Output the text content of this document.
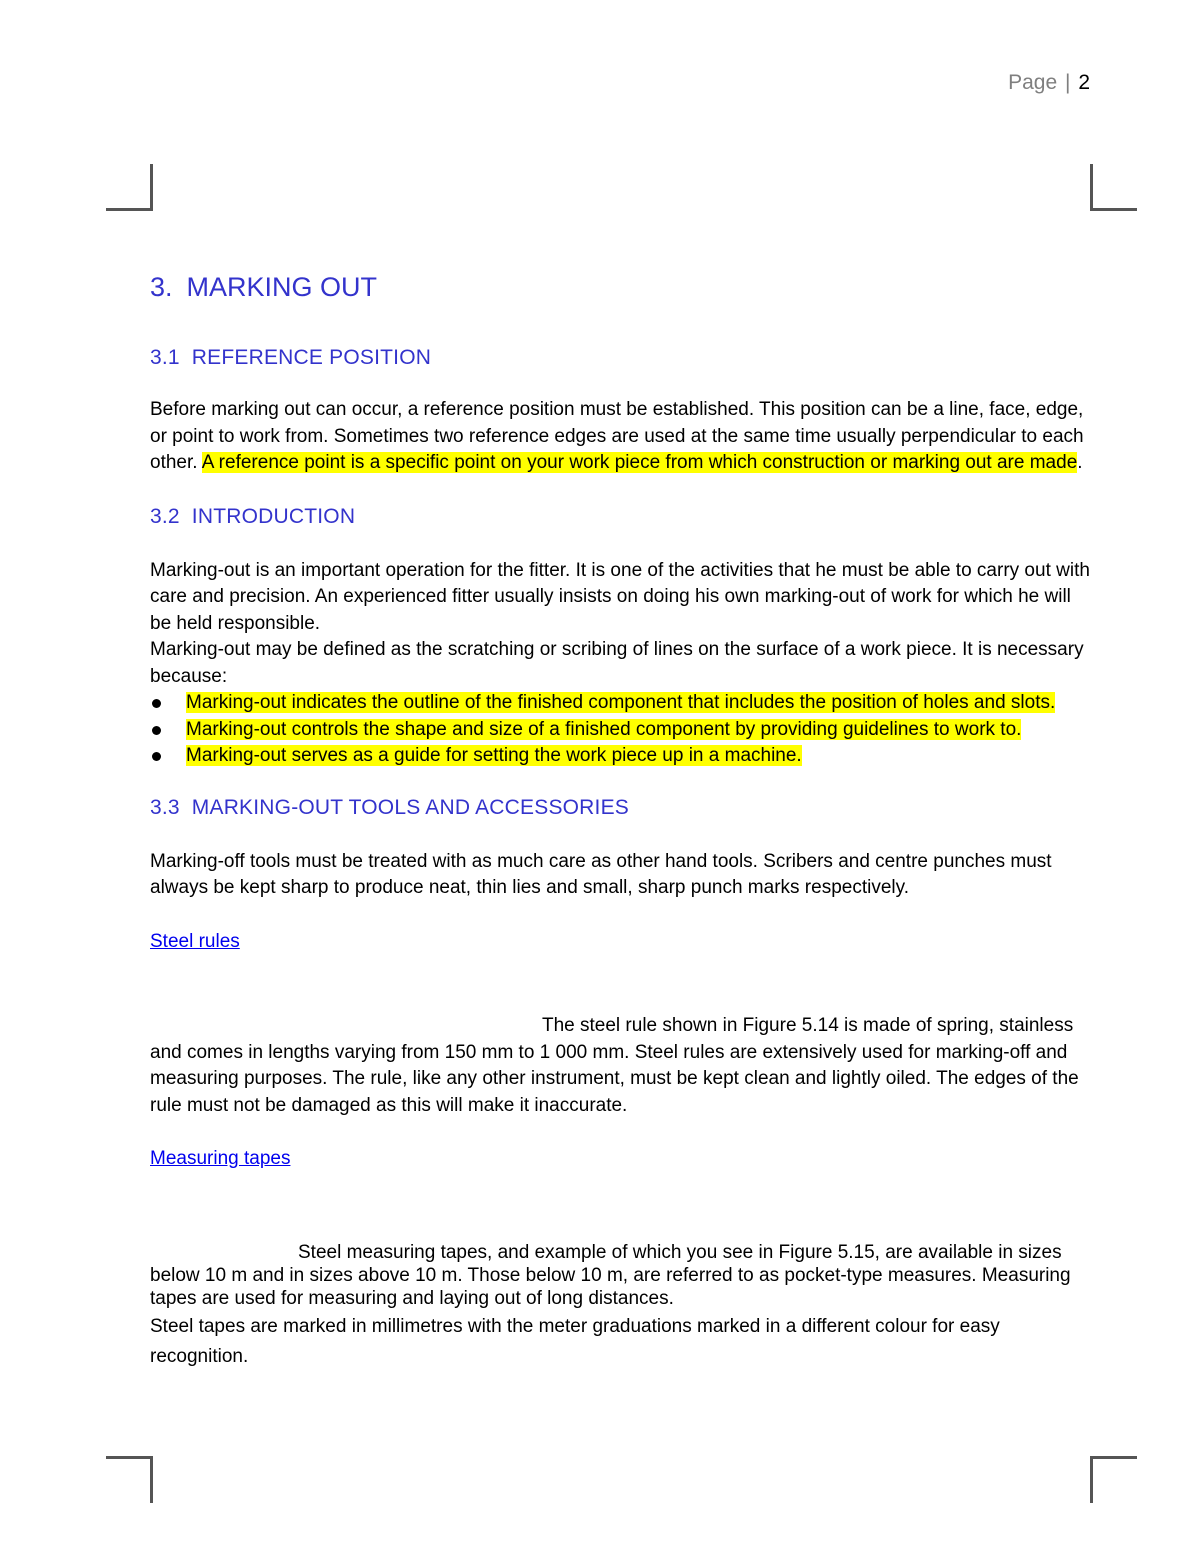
Page | 2
3. MARKING OUT
3.1 REFERENCE POSITION

Before marking out can occur, a reference position must be established. This position can be a line, face, edge, or point to work from. Sometimes two reference edges are used at the same time usually perpendicular to each other. A reference point is a specific point on your work piece from which construction or marking out are made.

3.2 INTRODUCTION

Marking-out is an important operation for the fitter. It is one of the activities that he must be able to carry out with care and precision. An experienced fitter usually insists on doing his own marking-out of work for which he will be held responsible.

Marking-out may be defined as the scratching or scribing of lines on the surface of a work piece. It is necessary because:

Marking-out indicates the outline of the finished component that includes the position of holes and slots.
Marking-out controls the shape and size of a finished component by providing guidelines to work to.
Marking-out serves as a guide for setting the work piece up in a machine.
3.3 MARKING-OUT TOOLS AND ACCESSORIES

Marking-off tools must be treated with as much care as other hand tools. Scribers and centre punches must always be kept sharp to produce neat, thin lies and small, sharp punch marks respectively.

Steel rules

The steel rule shown in Figure 5.14 is made of spring, stainless and comes in lengths varying from 150 mm to 1 000 mm. Steel rules are extensively used for marking-off and measuring purposes. The rule, like any other instrument, must be kept clean and lightly oiled. The edges of the rule must not be damaged as this will make it inaccurate.

Measuring tapes

Steel measuring tapes, and example of which you see in Figure 5.15, are available in sizes below 10 m and in sizes above 10 m. Those below 10 m, are referred to as pocket-type measures. Measuring tapes are used for measuring and laying out of long distances.

Steel tapes are marked in millimetres with the meter graduations marked in a different colour for easy recognition.
